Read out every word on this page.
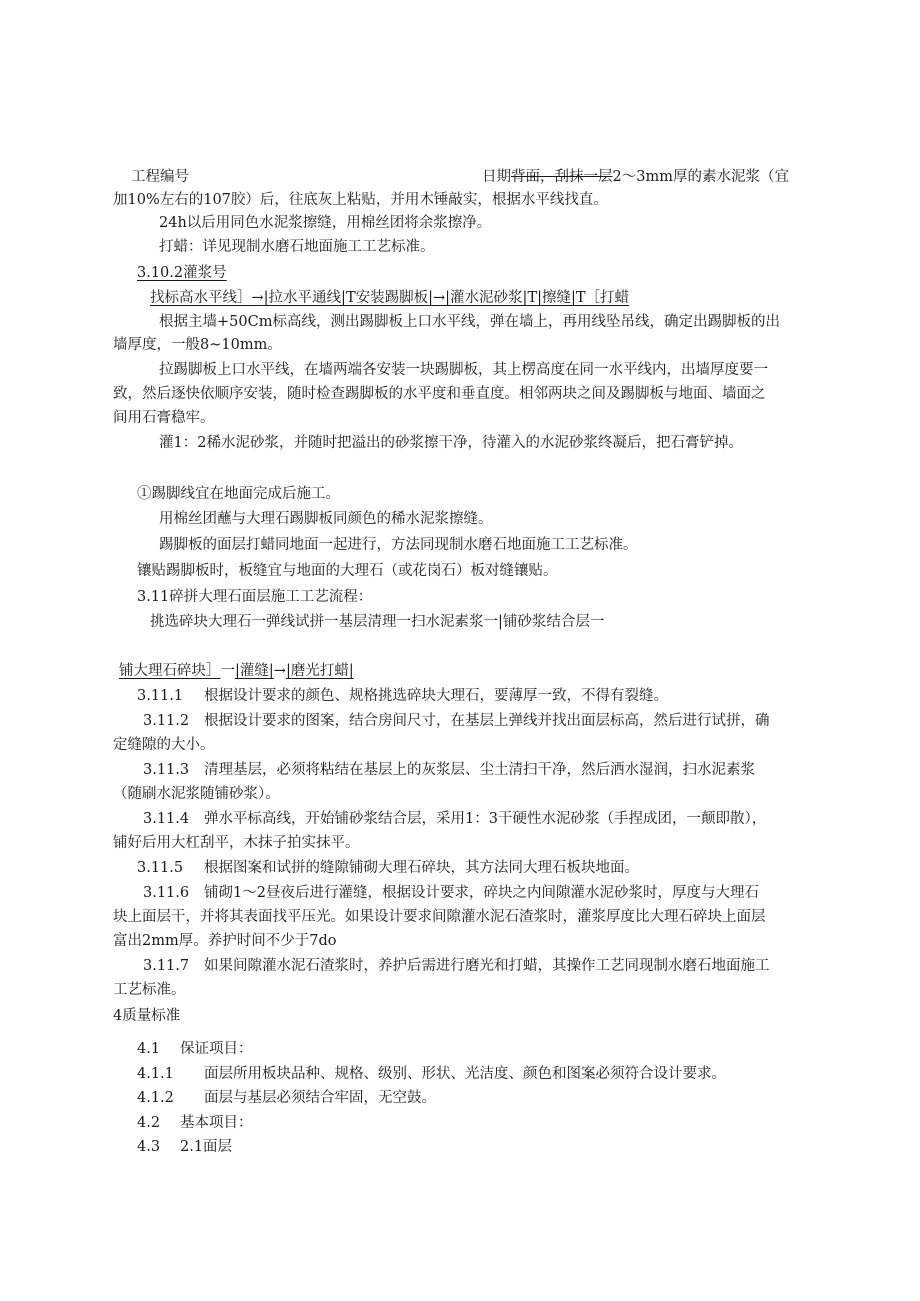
工程编号	日期背面，刮抹一层2～3mm厚的素水泥浆（宜
加10%左右的107胶）后，往底灰上粘贴，并用木锤敲实，根据水平线找直。
24h以后用同色水泥浆擦缝，用棉丝团将余浆擦净。
打蜡：详见现制水磨石地面施工工艺标准。
3.10.2灌浆号
找标高水平线］→|拉水平通线|T安装踢脚板|→|灌水泥砂浆|T|擦缝|T［打蜡
根据主墙+50Cm标高线，测出踢脚板上口水平线，弹在墙上，再用线坠吊线，确定出踢脚板的出
墙厚度，一般8~10mm。
拉踢脚板上口水平线，在墙两端各安装一块踢脚板，其上楞高度在同一水平线内，出墙厚度要一
致，然后逐快依顺序安装，随时检查踢脚板的水平度和垂直度。相邻两块之间及踢脚板与地面、墙面之
间用石膏稳牢。
灌1：2稀水泥砂浆，并随时把溢出的砂浆擦干净，待灌入的水泥砂浆终凝后，把石膏铲掉。
①踢脚线宜在地面完成后施工。
用棉丝团蘸与大理石踢脚板同颜色的稀水泥浆擦缝。
踢脚板的面层打蜡同地面一起进行，方法同现制水磨石地面施工工艺标准。
镶贴踢脚板时，板缝宜与地面的大理石（或花岗石）板对缝镶贴。
3.11碎拼大理石面层施工工艺流程：
挑选碎块大理石一弹线试拼一基层清理一扫水泥素浆一|铺砂浆结合层一
铺大理石碎块］一|灌缝|→|磨光打蜡|
3.11.1 根据设计要求的颜色、规格挑选碎块大理石，要薄厚一致，不得有裂缝。
3.11.2 根据设计要求的图案，结合房间尺寸，在基层上弹线并找出面层标高，然后进行试拼，确
定缝隙的大小。
3.11.3 清理基层，必须将粘结在基层上的灰浆层、尘土清扫干净，然后洒水湿润，扫水泥素浆
（随刷水泥浆随铺砂浆）。
3.11.4 弹水平标高线，开始铺砂浆结合层，采用1：3干硬性水泥砂浆（手捏成团，一颠即散），
铺好后用大杠刮平，木抹子拍实抹平。
3.11.5 根据图案和试拼的缝隙铺砌大理石碎块，其方法同大理石板块地面。
3.11.6 铺砌1～2昼夜后进行灌缝，根据设计要求，碎块之内间隙灌水泥砂浆时，厚度与大理石
块上面层干，并将其表面找平压光。如果设计要求间隙灌水泥石渣浆时，灌浆厚度比大理石碎块上面层
富出2mm厚。养护时间不少于7do
3.11.7 如果间隙灌水泥石渣浆时，养护后需进行磨光和打蜡，其操作工艺同现制水磨石地面施工
工艺标准。
4质量标准
4.1 保证项目：
4.1.1 面层所用板块品种、规格、级别、形状、光洁度、颜色和图案必须符合设计要求。
4.1.2 面层与基层必须结合牢固，无空鼓。
4.2 基本项目：
4.3 2.1面层
